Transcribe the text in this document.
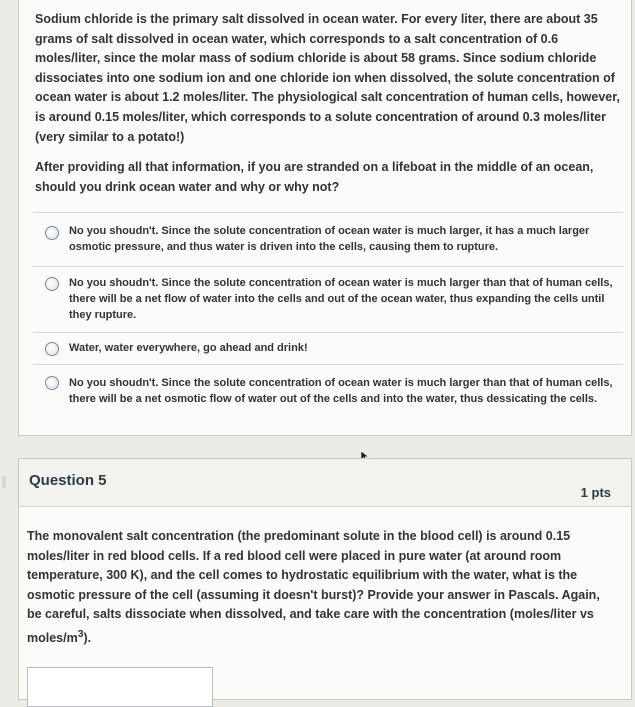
Sodium chloride is the primary salt dissolved in ocean water. For every liter, there are about 35 grams of salt dissolved in ocean water, which corresponds to a salt concentration of 0.6 moles/liter, since the molar mass of sodium chloride is about 58 grams. Since sodium chloride dissociates into one sodium ion and one chloride ion when dissolved, the solute concentration of ocean water is about 1.2 moles/liter. The physiological salt concentration of human cells, however, is around 0.15 moles/liter, which corresponds to a solute concentration of around 0.3 moles/liter (very similar to a potato!)

After providing all that information, if you are stranded on a lifeboat in the middle of an ocean, should you drink ocean water and why or why not?

No you shoudn't. Since the solute concentration of ocean water is much larger, it has a much larger osmotic pressure, and thus water is driven into the cells, causing them to rupture.
No you shoudn't. Since the solute concentration of ocean water is much larger than that of human cells, there will be a net flow of water into the cells and out of the ocean water, thus expanding the cells until they rupture.
Water, water everywhere, go ahead and drink!
No you shoudn't. Since the solute concentration of ocean water is much larger than that of human cells, there will be a net osmotic flow of water out of the cells and into the water, thus dessicating the cells.
Question 5
1 pts

The monovalent salt concentration (the predominant solute in the blood cell) is around 0.15 moles/liter in red blood cells. If a red blood cell were placed in pure water (at around room temperature, 300 K), and the cell comes to hydrostatic equilibrium with the water, what is the osmotic pressure of the cell (assuming it doesn't burst)? Provide your answer in Pascals. Again, be careful, salts dissociate when dissolved, and take care with the concentration (moles/liter vs moles/$m^3$).
